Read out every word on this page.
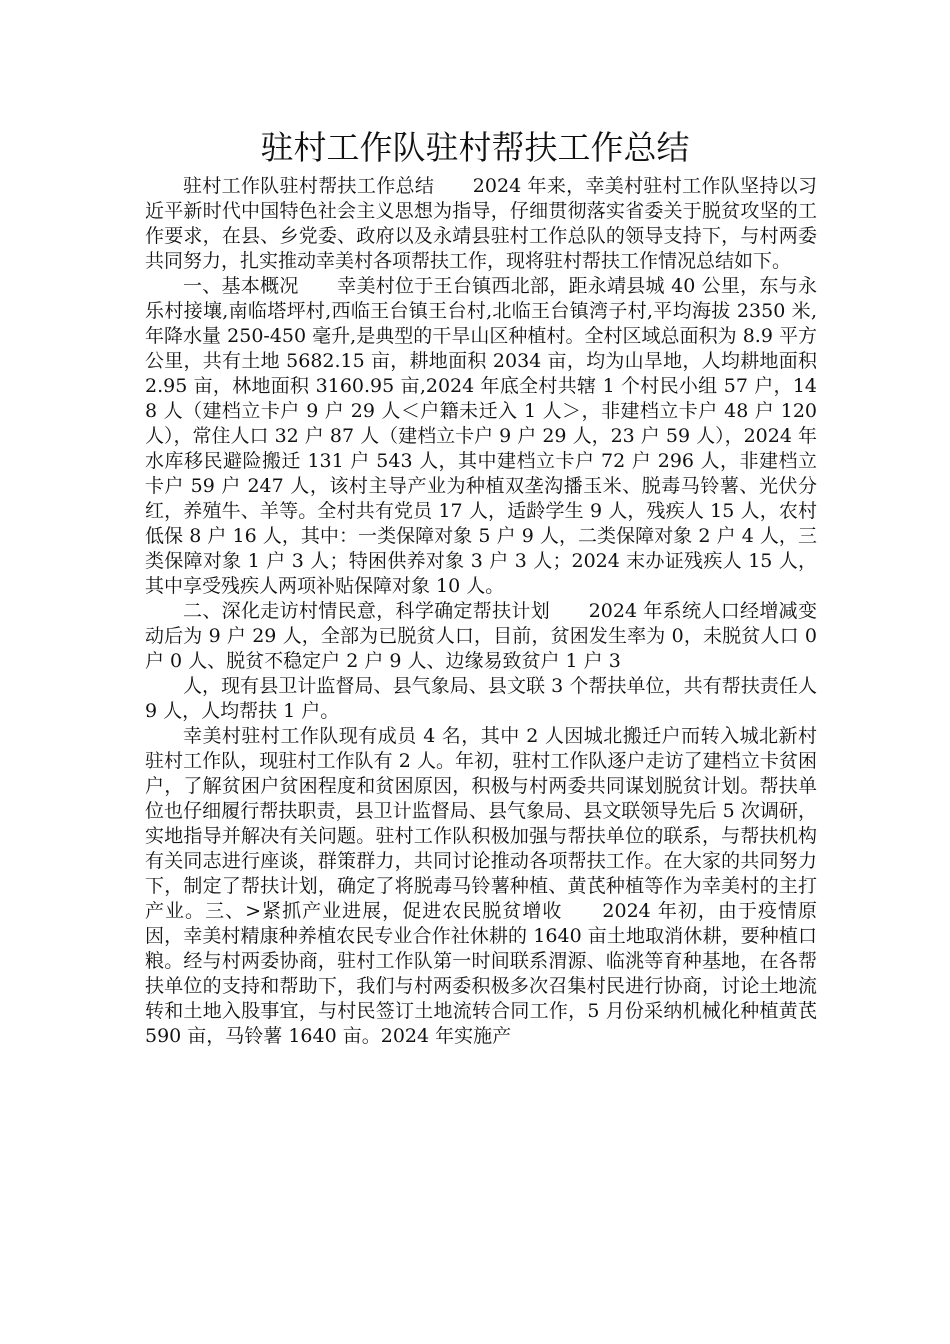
驻村工作队驻村帮扶工作总结

驻村工作队驻村帮扶工作总结　　2024 年来，幸美村驻村工作队坚持以习近平新时代中国特色社会主义思想为指导，仔细贯彻落实省委关于脱贫攻坚的工作要求，在县、乡党委、政府以及永靖县驻村工作总队的领导支持下，与村两委共同努力，扎实推动幸美村各项帮扶工作，现将驻村帮扶工作情况总结如下。

一、基本概况　　幸美村位于王台镇西北部，距永靖县城 40 公里，东与永乐村接壤,南临塔坪村,西临王台镇王台村,北临王台镇湾子村,平均海拔 2350 米,年降水量 250-450 毫升,是典型的干旱山区种植村。全村区域总面积为 8.9 平方公里，共有土地 5682.15 亩，耕地面积 2034 亩，均为山旱地，人均耕地面积 2.95 亩，林地面积 3160.95 亩,2024 年底全村共辖 1 个村民小组 57 户，148 人（建档立卡户 9 户 29 人＜户籍未迁入 1 人＞，非建档立卡户 48 户 120 人），常住人口 32 户 87 人（建档立卡户 9 户 29 人，23 户 59 人），2024 年水库移民避险搬迁 131 户 543 人，其中建档立卡户 72 户 296 人，非建档立卡户 59 户 247 人，该村主导产业为种植双垄沟播玉米、脱毒马铃薯、光伏分红，养殖牛、羊等。全村共有党员 17 人，适龄学生 9 人，残疾人 15 人，农村低保 8 户 16 人，其中：一类保障对象 5 户 9 人，二类保障对象 2 户 4 人，三类保障对象 1 户 3 人；特困供养对象 3 户 3 人；2024 末办证残疾人 15 人，其中享受残疾人两项补贴保障对象 10 人。

二、深化走访村情民意，科学确定帮扶计划　　2024 年系统人口经增减变动后为 9 户 29 人，全部为已脱贫人口，目前，贫困发生率为 0，未脱贫人口 0 户 0 人、脱贫不稳定户 2 户 9 人、边缘易致贫户 1 户 3

人，现有县卫计监督局、县气象局、县文联 3 个帮扶单位，共有帮扶责任人 9 人，人均帮扶 1 户。

幸美村驻村工作队现有成员 4 名，其中 2 人因城北搬迁户而转入城北新村驻村工作队，现驻村工作队有 2 人。年初，驻村工作队逐户走访了建档立卡贫困户，了解贫困户贫困程度和贫困原因，积极与村两委共同谋划脱贫计划。帮扶单位也仔细履行帮扶职责，县卫计监督局、县气象局、县文联领导先后 5 次调研，实地指导并解决有关问题。驻村工作队积极加强与帮扶单位的联系，与帮扶机构有关同志进行座谈，群策群力，共同讨论推动各项帮扶工作。在大家的共同努力下，制定了帮扶计划，确定了将脱毒马铃薯种植、黄芪种植等作为幸美村的主打产业。三、>紧抓产业进展，促进农民脱贫增收　　2024 年初，由于疫情原因，幸美村精康种养植农民专业合作社休耕的 1640 亩土地取消休耕，要种植口粮。经与村两委协商，驻村工作队第一时间联系渭源、临洮等育种基地，在各帮扶单位的支持和帮助下，我们与村两委积极多次召集村民进行协商，讨论土地流转和土地入股事宜，与村民签订土地流转合同工作，5 月份采纳机械化种植黄芪 590 亩，马铃薯 1640 亩。2024 年实施产
